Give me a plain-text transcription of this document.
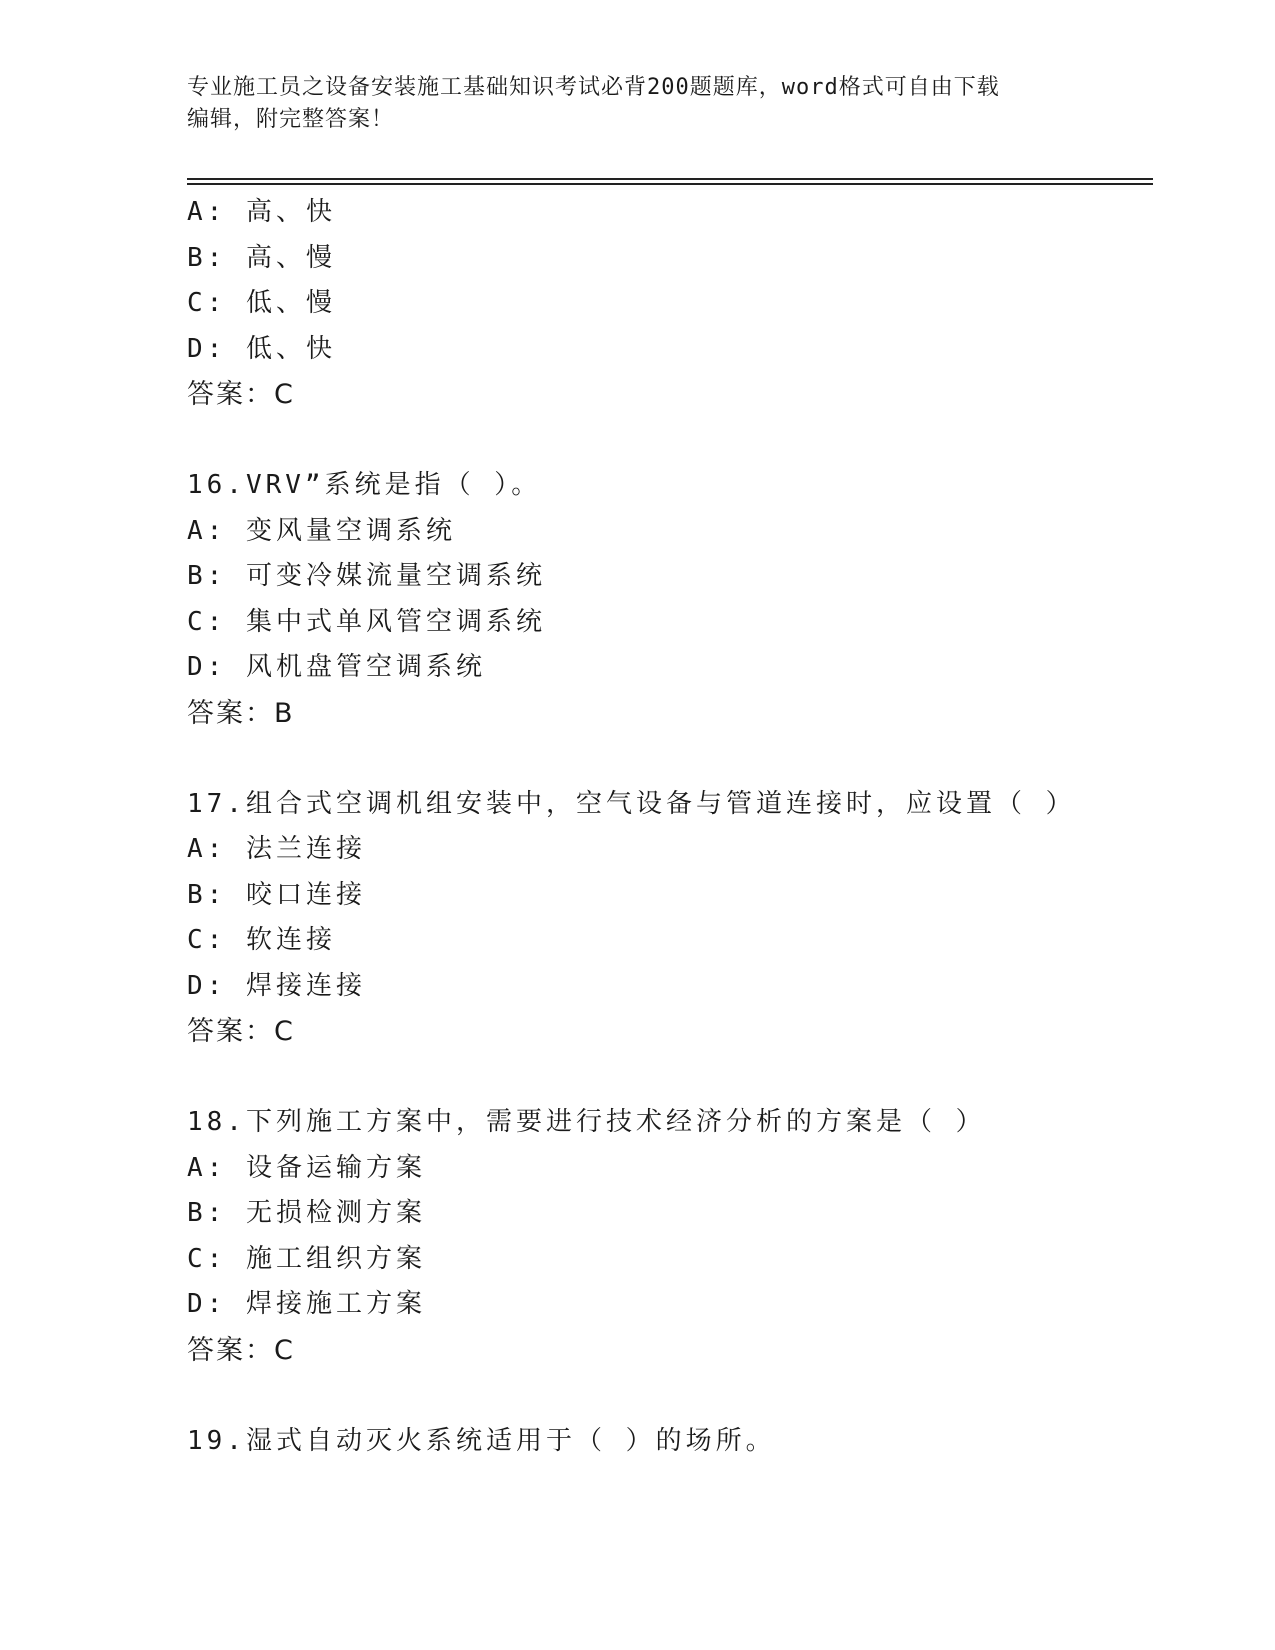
专业施工员之设备安装施工基础知识考试必背200题题库，word格式可自由下载
编辑，附完整答案！
A: 高、快
B: 高、慢
C: 低、慢
D: 低、快
答案：C
16.VRV”系统是指（ ）。
A: 变风量空调系统
B: 可变冷媒流量空调系统
C: 集中式单风管空调系统
D: 风机盘管空调系统
答案：B
17.组合式空调机组安装中，空气设备与管道连接时，应设置（ ）
A: 法兰连接
B: 咬口连接
C: 软连接
D: 焊接连接
答案：C
18.下列施工方案中，需要进行技术经济分析的方案是（ ）
A: 设备运输方案
B: 无损检测方案
C: 施工组织方案
D: 焊接施工方案
答案：C
19.湿式自动灭火系统适用于（ ）的场所。
